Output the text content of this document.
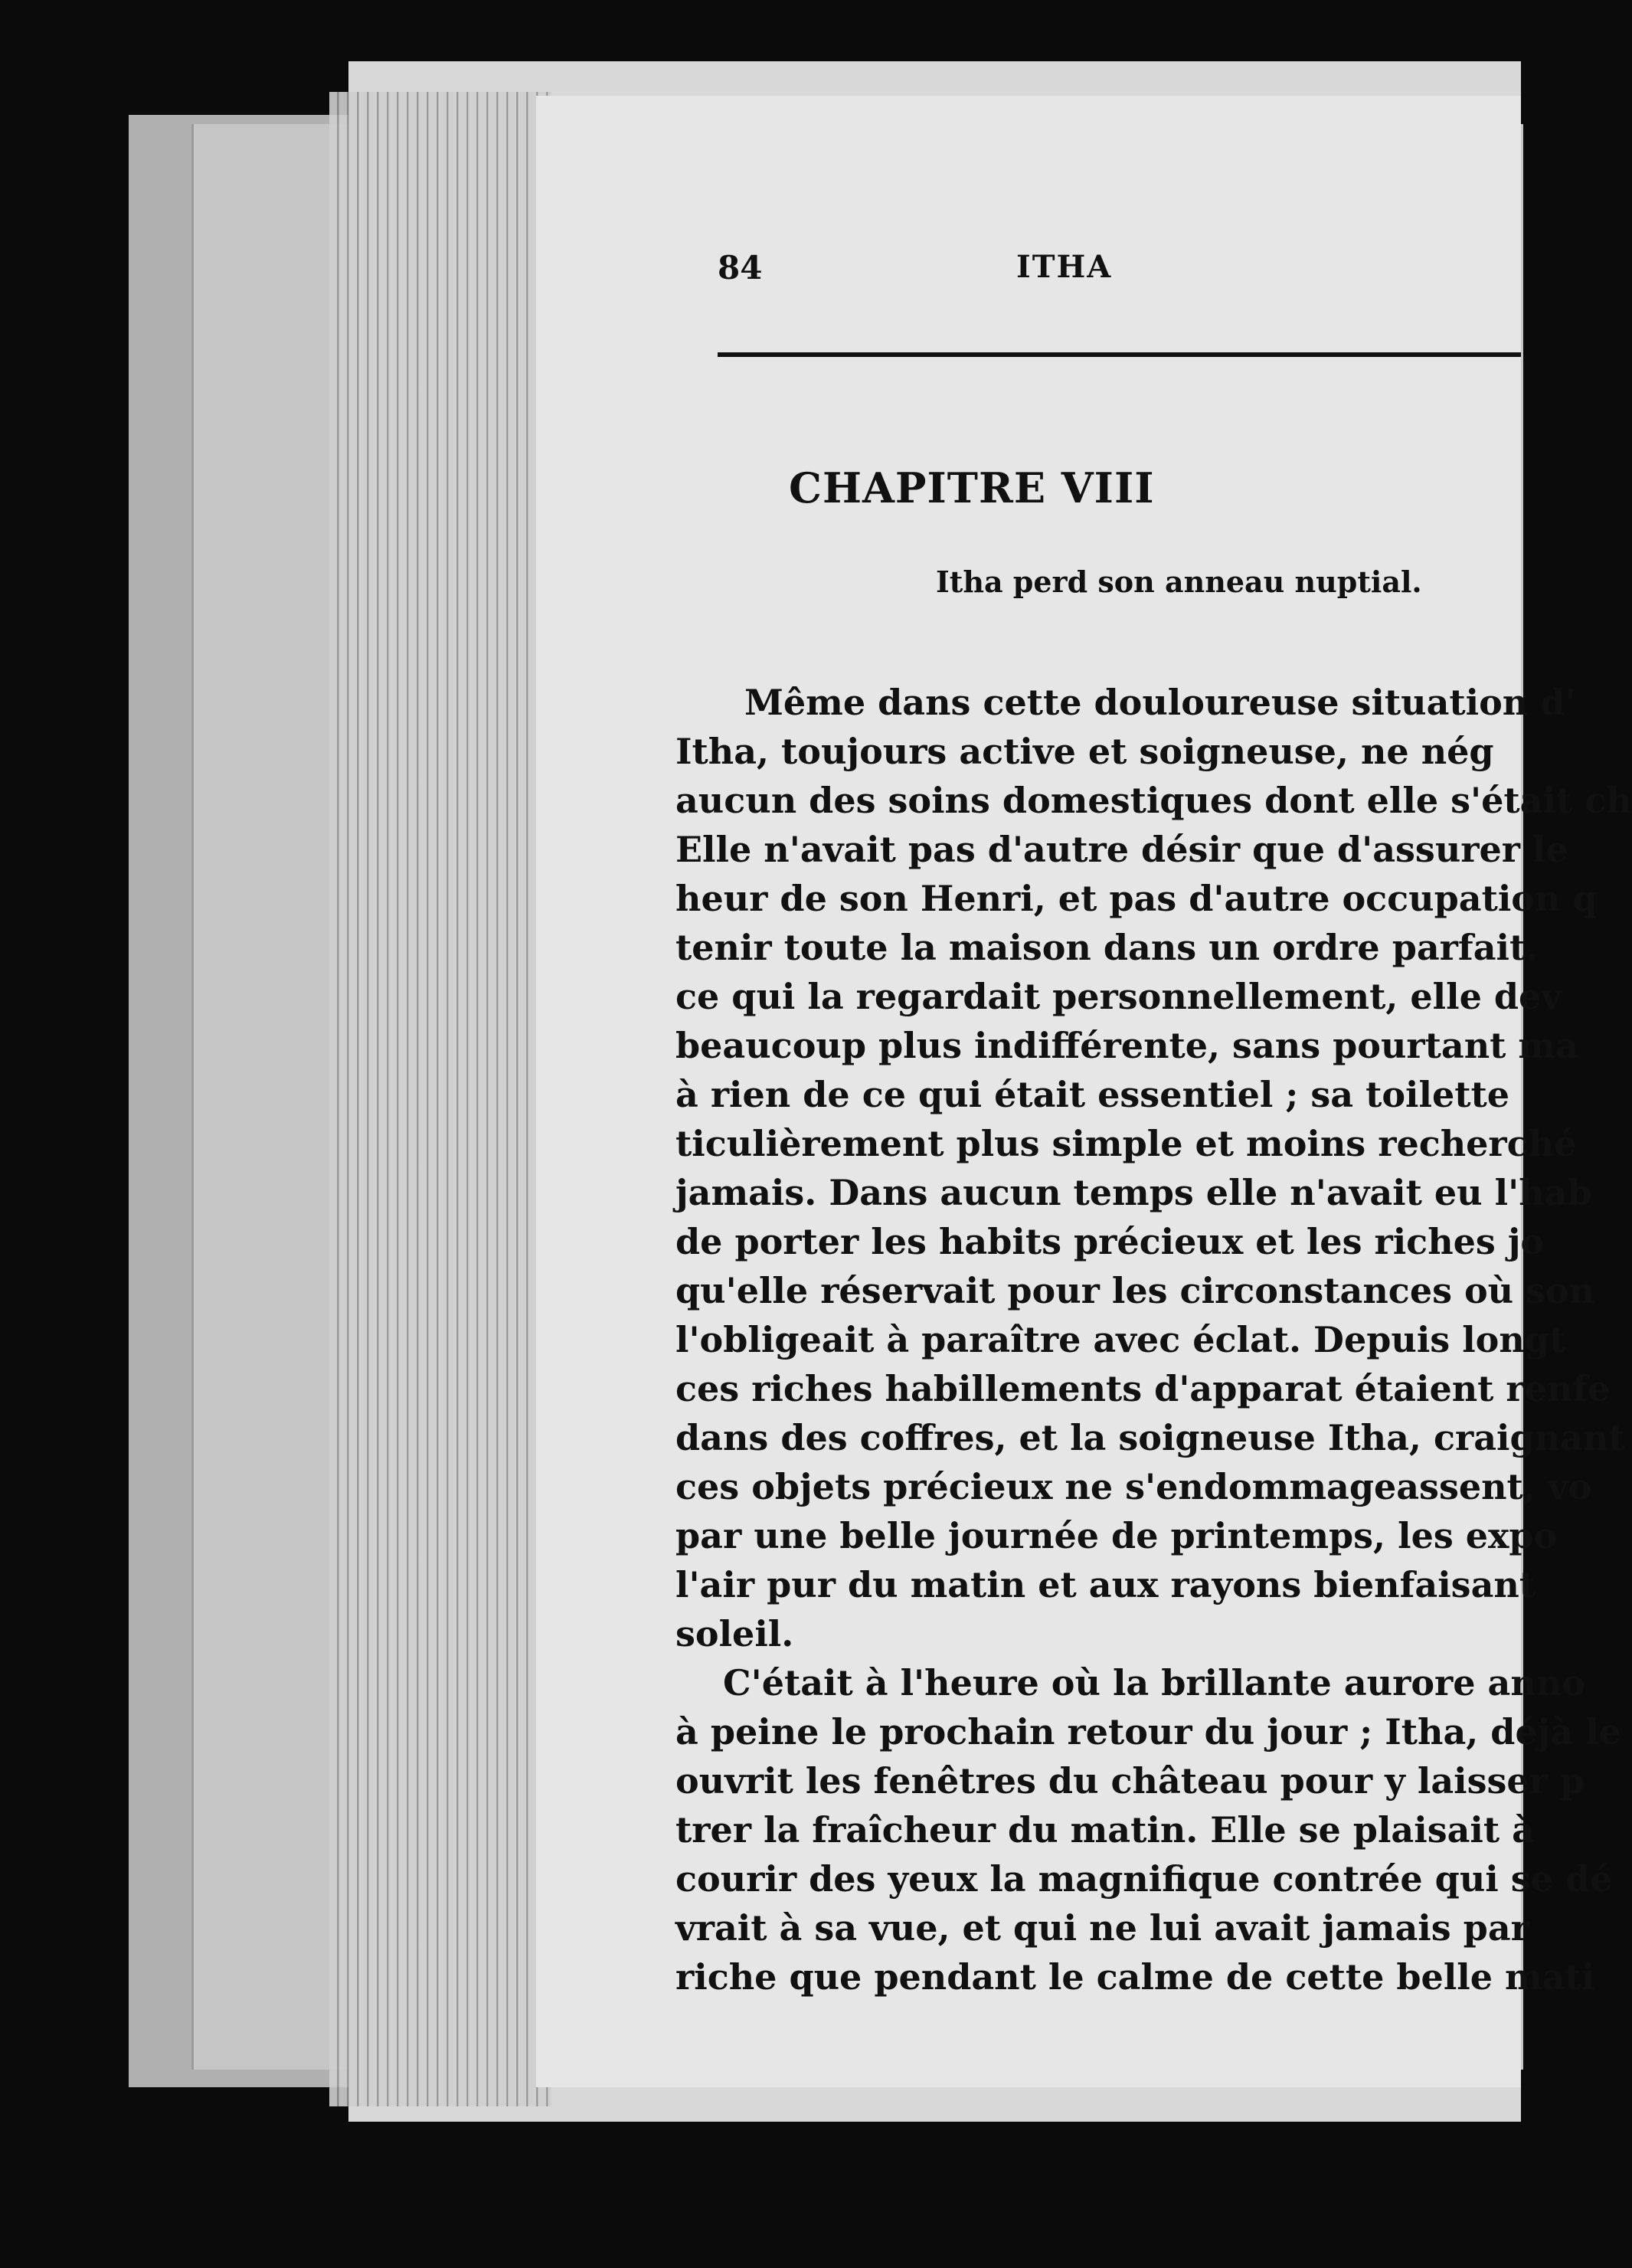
84	ITHA
CHAPITRE VIII
Itha perd son anneau nuptial.
Même dans cette douloureuse situation d'
Itha, toujours active et soigneuse, ne nég
aucun des soins domestiques dont elle s'était ch
Elle n'avait pas d'autre désir que d'assurer le
heur de son Henri, et pas d'autre occupation q
tenir toute la maison dans un ordre parfait.
ce qui la regardait personnellement, elle dev
beaucoup plus indifférente, sans pourtant ma
à rien de ce qui était essentiel ; sa toilette
ticulièrement plus simple et moins recherché
jamais. Dans aucun temps elle n'avait eu l'hab
de porter les habits précieux et les riches jo
qu'elle réservait pour les circonstances où son
l'obligeait à paraître avec éclat. Depuis longt
ces riches habillements d'apparat étaient renfe
dans des coffres, et la soigneuse Itha, craignant
ces objets précieux ne s'endommageassent, vo
par une belle journée de printemps, les expo
l'air pur du matin et aux rayons bienfaisant
soleil.
C'était à l'heure où la brillante aurore anno
à peine le prochain retour du jour ; Itha, déjà le
ouvrit les fenêtres du château pour y laisser p
trer la fraîcheur du matin. Elle se plaisait à
courir des yeux la magnifique contrée qui se dé
vrait à sa vue, et qui ne lui avait jamais par
riche que pendant le calme de cette belle mati
